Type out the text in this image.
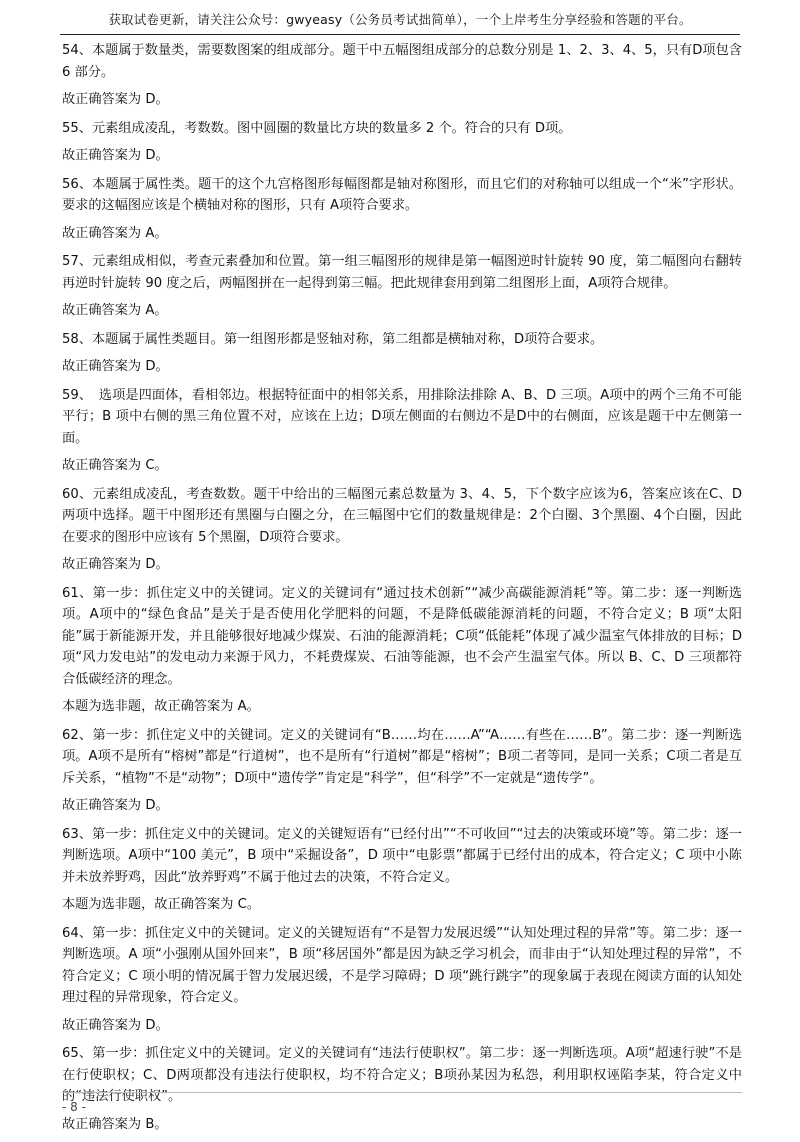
获取试卷更新，请关注公众号：gwyeasy（公务员考试拙简单），一个上岸考生分享经验和答题的平台。

54、本题属于数量类，需要数图案的组成部分。题干中五幅图组成部分的总数分别是 1、2、3、4、5，只有D项包含 6 部分。

故正确答案为 D。

55、元素组成凌乱，考数数。图中圆圈的数量比方块的数量多 2 个。符合的只有 D项。

故正确答案为 D。

56、本题属于属性类。题干的这个九宫格图形每幅图都是轴对称图形，而且它们的对称轴可以组成一个“米”字形状。要求的这幅图应该是个横轴对称的图形，只有 A项符合要求。

故正确答案为 A。

57、元素组成相似，考查元素叠加和位置。第一组三幅图形的规律是第一幅图逆时针旋转 90 度，第二幅图向右翻转再逆时针旋转 90 度之后，两幅图拼在一起得到第三幅。把此规律套用到第二组图形上面，A项符合规律。

故正确答案为 A。

58、本题属于属性类题目。第一组图形都是竖轴对称，第二组都是横轴对称，D项符合要求。

故正确答案为 D。

59、　选项是四面体，看相邻边。根据特征面中的相邻关系，用排除法排除 A、B、D 三项。A项中的两个三角不可能平行；B 项中右侧的黑三角位置不对，应该在上边；D项左侧面的右侧边不是D中的右侧面，应该是题干中左侧第一面。

故正确答案为 C。

60、元素组成凌乱，考查数数。题干中给出的三幅图元素总数量为 3、4、5，下个数字应该为6，答案应该在C、D两项中选择。题干中图形还有黑圈与白圈之分，在三幅图中它们的数量规律是：2个白圈、3个黑圈、4个白圈，因此在要求的图形中应该有 5个黑圈，D项符合要求。

故正确答案为 D。

61、第一步：抓住定义中的关键词。定义的关键词有“通过技术创新”“减少高碳能源消耗”等。第二步：逐一判断选项。A项中的“绿色食品”是关于是否使用化学肥料的问题，不是降低碳能源消耗的问题，不符合定义；B 项“太阳能”属于新能源开发，并且能够很好地减少煤炭、石油的能源消耗；C项“低能耗”体现了减少温室气体排放的目标；D项“风力发电站”的发电动力来源于风力，不耗费煤炭、石油等能源，也不会产生温室气体。所以 B、C、D 三项都符合低碳经济的理念。

本题为选非题，故正确答案为 A。

62、第一步：抓住定义中的关键词。定义的关键词有“B……均在……A”“A……有些在……B”。第二步：逐一判断选项。A项不是所有“榕树”都是“行道树”，也不是所有“行道树”都是“榕树”；B项二者等同，是同一关系；C项二者是互斥关系，“植物”不是“动物”；D项中“遗传学”肯定是“科学”，但“科学”不一定就是“遗传学”。

故正确答案为 D。

63、第一步：抓住定义中的关键词。定义的关键短语有“已经付出”“不可收回”“过去的决策或环境”等。第二步：逐一判断选项。A项中“100 美元”，B 项中“采掘设备”，D 项中“电影票”都属于已经付出的成本，符合定义；C 项中小陈并未放养野鸡，因此“放养野鸡”不属于他过去的决策，不符合定义。

本题为选非题，故正确答案为 C。

64、第一步：抓住定义中的关键词。定义的关键短语有“不是智力发展迟缓”“认知处理过程的异常”等。第二步：逐一判断选项。A 项“小强刚从国外回来”，B 项“移居国外”都是因为缺乏学习机会，而非由于“认知处理过程的异常”，不符合定义；C 项小明的情况属于智力发展迟缓，不是学习障碍；D 项“跳行跳字”的现象属于表现在阅读方面的认知处理过程的异常现象，符合定义。

故正确答案为 D。

65、第一步：抓住定义中的关键词。定义的关键词有“违法行使职权”。第二步：逐一判断选项。A项“超速行驶”不是在行使职权；C、D两项都没有违法行使职权，均不符合定义；B项孙某因为私怨，利用职权诬陷李某，符合定义中的“违法行使职权”。

故正确答案为 B。

- 8 -
